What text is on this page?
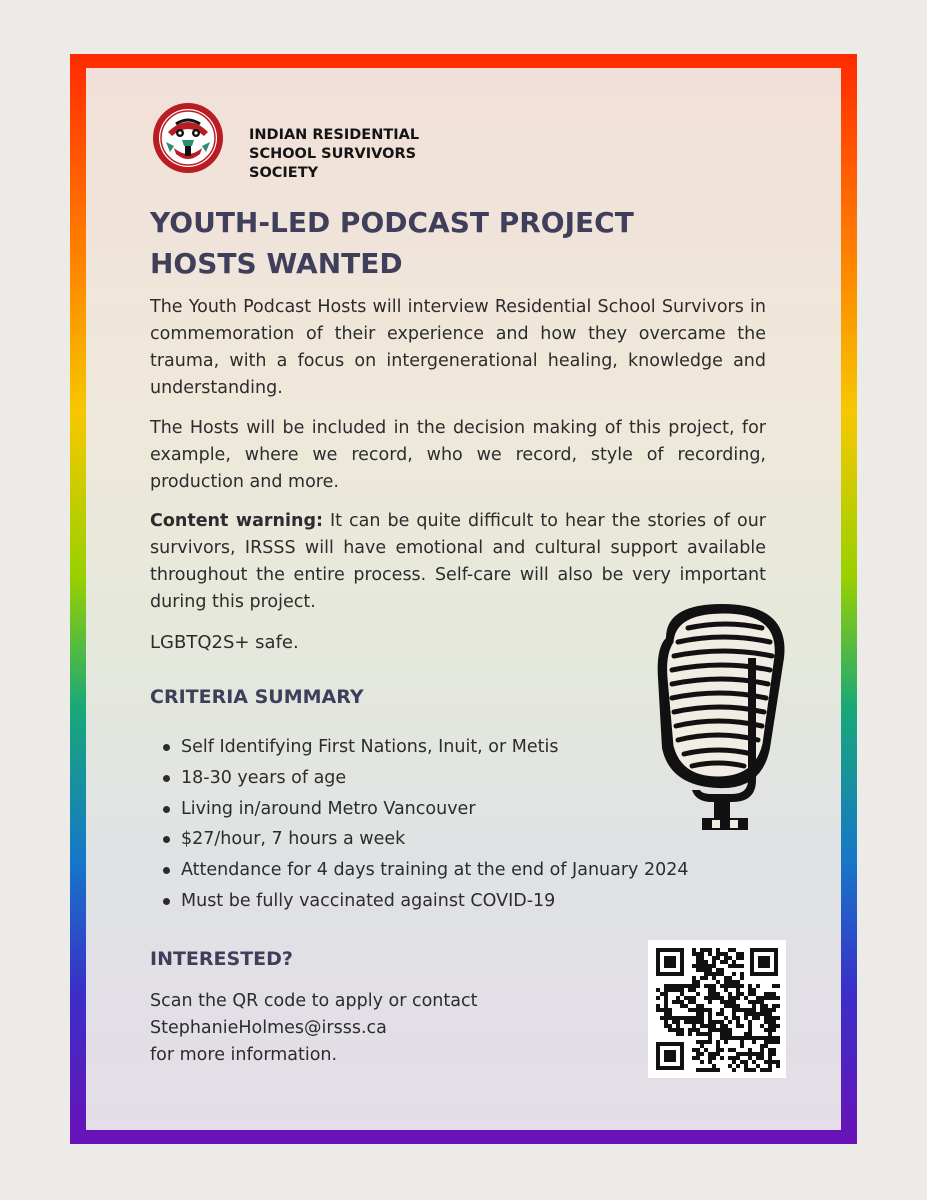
INDIAN RESIDENTIAL
SCHOOL SURVIVORS
SOCIETY
YOUTH-LED PODCAST PROJECT
HOSTS WANTED

The Youth Podcast Hosts will interview Residential School Survivors in commemoration of their experience and how they overcame the trauma, with a focus on intergenerational healing, knowledge and understanding.

The Hosts will be included in the decision making of this project, for example, where we record, who we record, style of recording, production and more.

Content warning: It can be quite difficult to hear the stories of our survivors, IRSSS will have emotional and cultural support available throughout the entire process. Self-care will also be very important during this project.

LGBTQ2S+ safe.

CRITERIA SUMMARY
Self Identifying First Nations, Inuit, or Metis
18-30 years of age
Living in/around Metro Vancouver
$27/hour, 7 hours a week
Attendance for 4 days training at the end of January 2024
Must be fully vaccinated against COVID-19
INTERESTED?
Scan the QR code to apply or contact
StephanieHolmes@irsss.ca
for more information.
